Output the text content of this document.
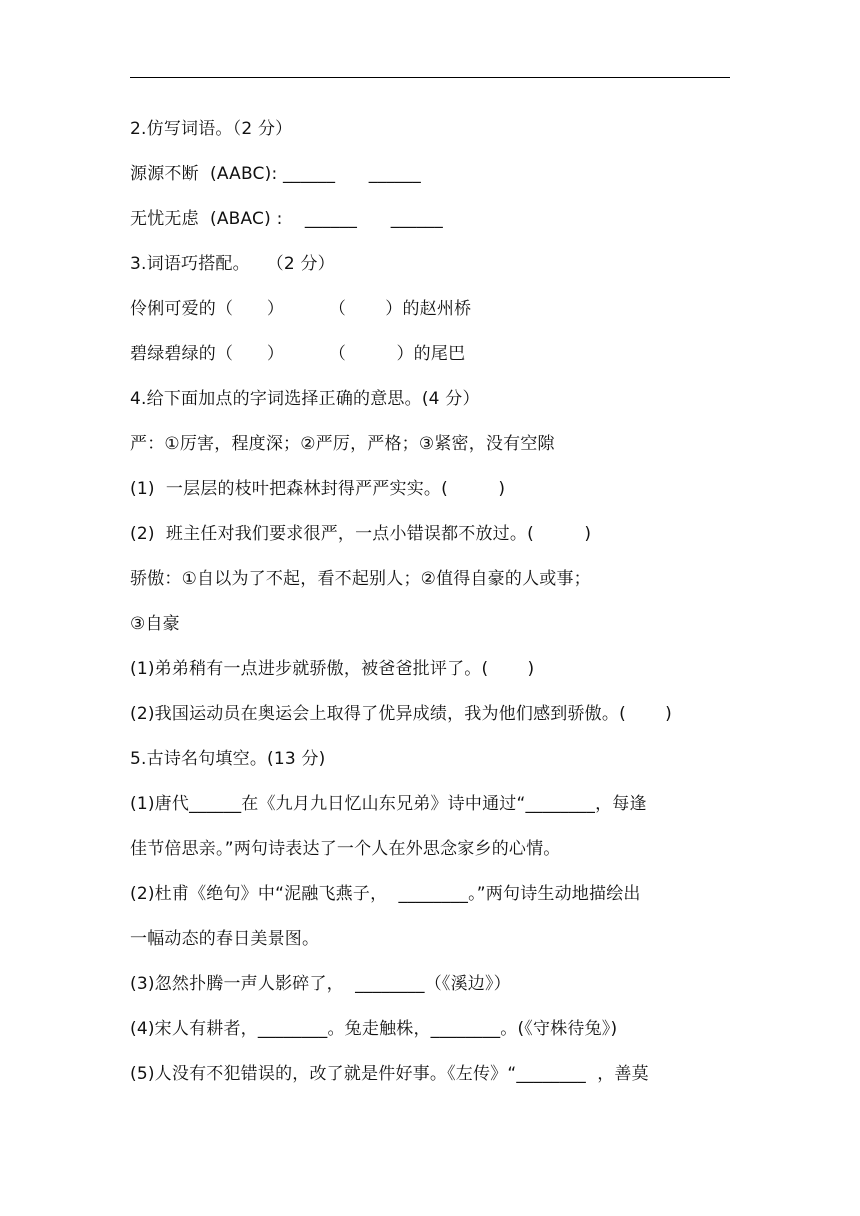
2.仿写词语。（2 分）
源源不断  (AABC): ______      ______
无忧无虑  (ABAC) :    ______      ______
3.词语巧搭配。   （2 分）
伶俐可爱的（      ）        （       ）的赵州桥
碧绿碧绿的（      ）        （         ）的尾巴
4.给下面加点的字词选择正确的意思。(4 分）
严：①厉害，程度深；②严厉，严格；③紧密，没有空隙
(1)  一层层的枝叶把森林封得严严实实。(         )
(2)  班主任对我们要求很严，一点小错误都不放过。(         )
骄傲：①自以为了不起，看不起别人；②值得自豪的人或事；
③自豪
(1)弟弟稍有一点进步就骄傲，被爸爸批评了。(       )
(2)我国运动员在奥运会上取得了优异成绩，我为他们感到骄傲。(       )
5.古诗名句填空。(13 分)
(1)唐代______在《九月九日忆山东兄弟》诗中通过“________，每逢
佳节倍思亲。”两句诗表达了一个人在外思念家乡的心情。
(2)杜甫《绝句》中“泥融飞燕子，  ________。”两句诗生动地描绘出
一幅动态的春日美景图。
(3)忽然扑腾一声人影碎了，  ________（《溪边》）
(4)宋人有耕者，________。兔走触株，________。(《守株待兔》)
(5)人没有不犯错误的，改了就是件好事。《左传》“________  ，善莫
